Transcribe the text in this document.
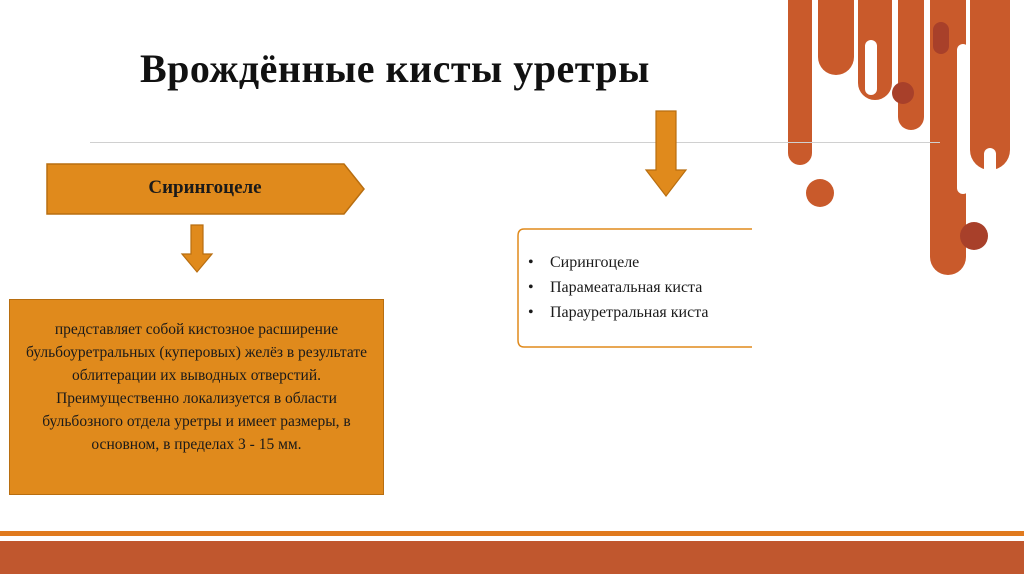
Врождённые кисты уретры
Сирингоцеле
представляет собой кистозное расширение бульбоуретральных (куперовых) желёз в результате облитерации их выводных отверстий. Преимущественно локализуется в области бульбозного отдела уретры и имеет размеры, в основном, в пределах 3 - 15 мм.
• Сирингоцеле
• Парамеатальная киста
• Парауретральная киста
